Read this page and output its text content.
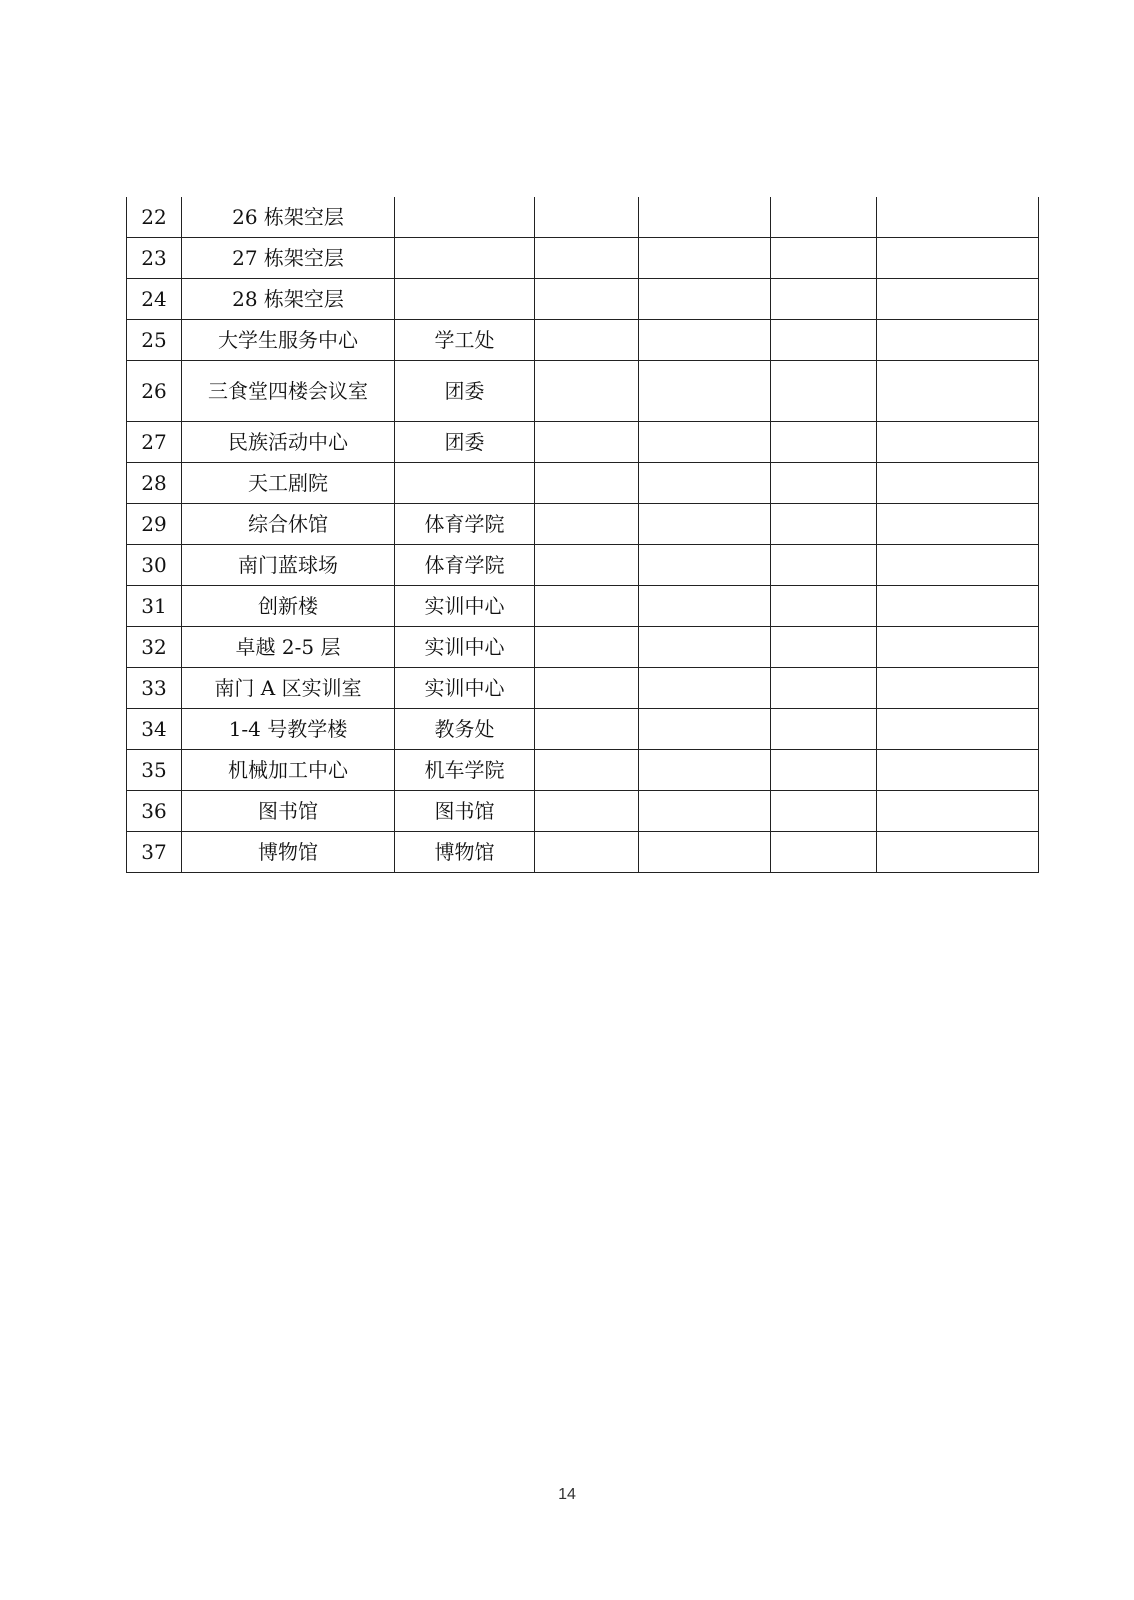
22	26 栋架空层					
23	27 栋架空层					
24	28 栋架空层					
25	大学生服务中心	学工处				
26	三食堂四楼会议室	团委				
27	民族活动中心	团委				
28	天工剧院					
29	综合休馆	体育学院				
30	南门蓝球场	体育学院				
31	创新楼	实训中心				
32	卓越 2-5 层	实训中心				
33	南门 A 区实训室	实训中心				
34	1-4 号教学楼	教务处				
35	机械加工中心	机车学院				
36	图书馆	图书馆				
37	博物馆	博物馆				
14
